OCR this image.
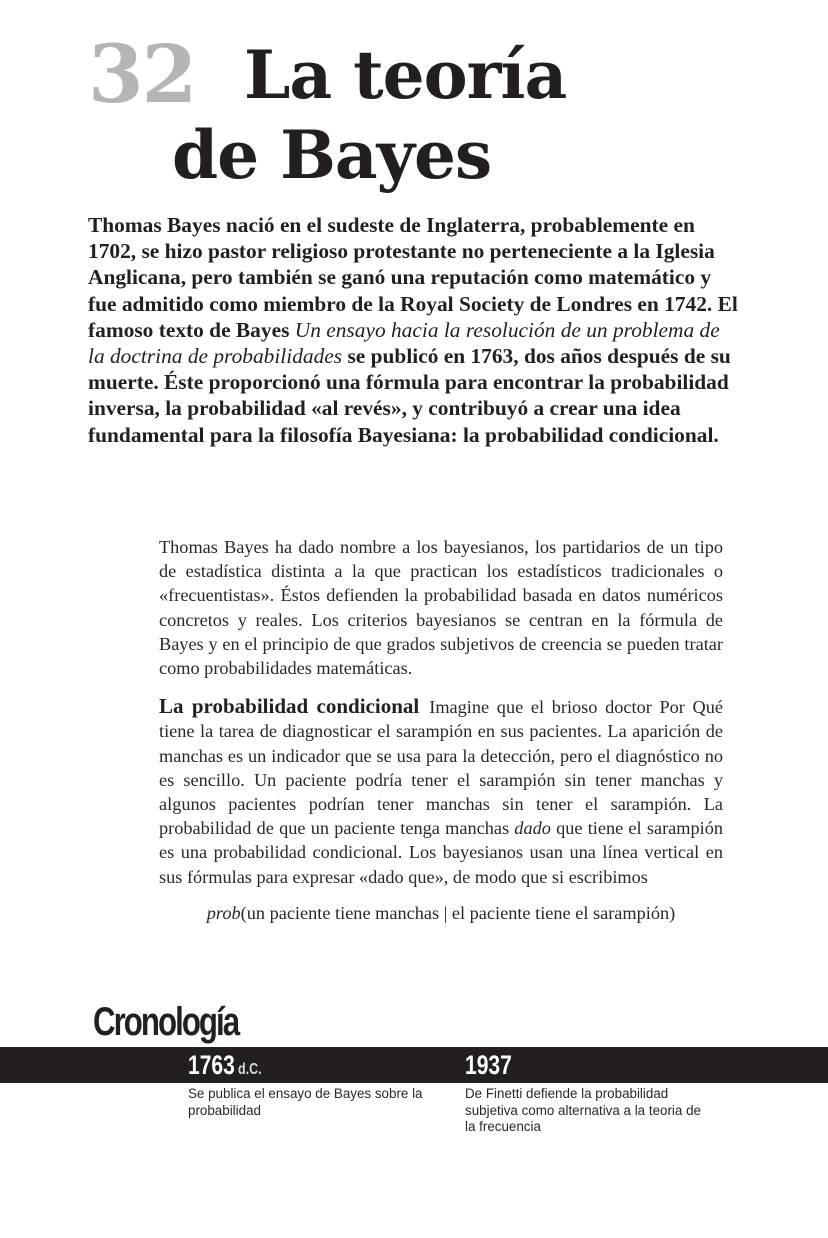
32 La teoría
de Bayes
Thomas Bayes nació en el sudeste de Inglaterra, probablemente en 1702, se hizo pastor religioso protestante no perteneciente a la Iglesia Anglicana, pero también se ganó una reputación como matemático y fue admitido como miembro de la Royal Society de Londres en 1742. El famoso texto de Bayes Un ensayo hacia la resolución de un problema de la doctrina de probabilidades se publicó en 1763, dos años después de su muerte. Éste proporcionó una fórmula para encontrar la probabilidad inversa, la probabilidad «al revés», y contribuyó a crear una idea fundamental para la filosofía Bayesiana: la probabilidad condicional.

Thomas Bayes ha dado nombre a los bayesianos, los partidarios de un tipo de estadística distinta a la que practican los estadísticos tradicionales o «frecuentistas». Éstos defienden la probabilidad basada en datos numéricos concretos y reales. Los criterios bayesianos se centran en la fórmula de Bayes y en el principio de que grados subjetivos de creencia se pueden tratar como probabilidades matemáticas.

La probabilidad condicional Imagine que el brioso doctor Por Qué tiene la tarea de diagnosticar el sarampión en sus pacientes. La aparición de manchas es un indicador que se usa para la detección, pero el diagnóstico no es sencillo. Un paciente podría tener el sarampión sin tener manchas y algunos pacientes podrían tener manchas sin tener el sarampión. La probabilidad de que un paciente tenga manchas dado que tiene el sarampión es una probabilidad condicional. Los bayesianos usan una línea vertical en sus fórmulas para expresar «dado que», de modo que si escribimos

prob(un paciente tiene manchas | el paciente tiene el sarampión)

Cronología
1763 d.C.
Se publica el ensayo de Bayes sobre la probabilidad
1937
De Finetti defiende la probabilidad subjetiva como alternativa a la teoria de la frecuencia
